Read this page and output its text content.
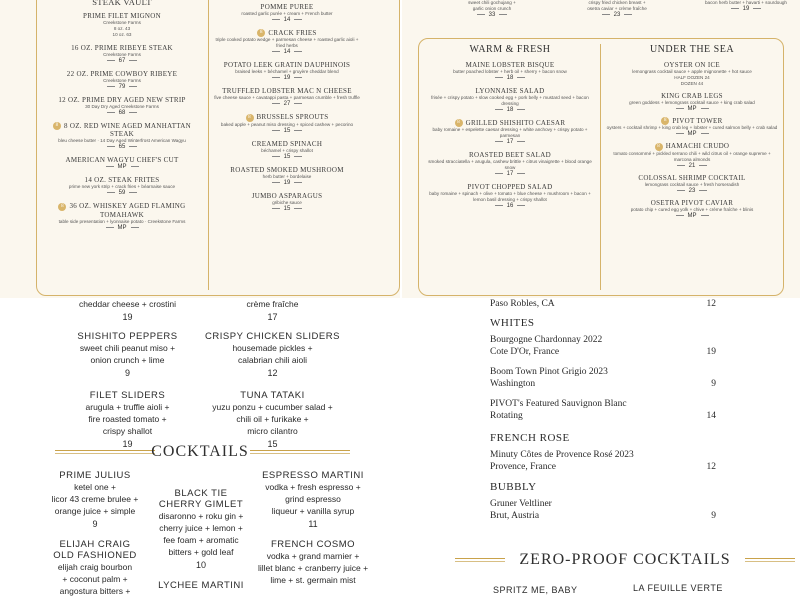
STEAK VAULT
PRIME FILET MIGNON
Creekstone Farms
8 oz. 43
10 oz. 63
16 OZ. PRIME RIBEYE STEAK
Creekstone Farms
67
22 OZ. PRIME COWBOY RIBEYE
Creekstone Farms
79
12 OZ. PRIME DRY AGED NEW STRIP
30 Day Dry Aged Creekstone Farms
68
8 8 OZ. RED WINE AGED MANHATTAN STEAK
bleu cheese butter · 14 Day Aged Winterfrost American Wagyu
65
AMERICAN WAGYU CHEF'S CUT
MP
14 OZ. STEAK FRITES
prime new york strip + crack fries + béarnaise sauce
59
8 36 OZ. WHISKEY AGED FLAMING TOMAHAWK
table side presentation + lyonnaise potato · Creekstone Farms
MP
POMME PUREE
roasted garlic purée + cream + French butter
14
8 CRACK FRIES
triple cooked potato wedge + parmesan cheese + roasted garlic aioli + fried herbs
14
POTATO LEEK GRATIN DAUPHINOIS
braised leeks + béchamel + gruyère cheddar blend
19
TRUFFLED LOBSTER MAC N CHEESE
five cheese sauce + cavatappi pasta + parmesan crumble + fresh truffle
27
8 BRUSSELS SPROUTS
baked apple + peanut miso dressing + spiced cashew + pecorino
15
CREAMED SPINACH
béchamel + crispy shallot
15
ROASTED SMOKED MUSHROOM
herb butter + bordelaise
19
JUMBO ASPARAGUS
gribiche sauce
15
sweet chili gochujang +
garlic onion crunch
33
crispy fried chicken breast +
osetra caviar + crème fraîche
23
bacon herb butter + havarti + sourdough
19
WARM & FRESH
MAINE LOBSTER BISQUE
butter poached lobster + herb oil + sherry + bacon snow
18
LYONNAISE SALAD
frisée + crispy potato + slow cooked egg + pork belly + mustard seed + bacon dressing
18
8 GRILLED SHISHITO CAESAR
baby romaine + espelette caesar dressing + white anchovy + crispy potato + parmesan
17
ROASTED BEET SALAD
smoked stracciatella + arugula, cashew brittle + citrus vinaigrette + blood orange snow
17
PIVOT CHOPPED SALAD
baby romaine + spinach + olive + tomato + blue cheese + mushroom + bacon + lemon basil dressing + crispy shallot
16
UNDER THE SEA
OYSTER ON ICE
lemongrass cocktail sauce + apple mignonette + hot sauce
HALF DOZEN 24
DOZEN 44
KING CRAB LEGS
green goddess + lemongrass cocktail sauce + king crab salad
MP
8 PIVOT TOWER
oysters + cocktail shrimp + king crab leg + lobster + cured salmon belly + crab salad
MP
8 HAMACHI CRUDO
tomato consommé + pickled serrano chili + wild citrus oil + orange supreme + marcona almonds
21
COLOSSAL SHRIMP COCKTAIL
lemongrass cocktail sauce + fresh horseradish
23
OSETRA PIVOT CAVIAR
potato chip + cured egg yolk + chive + crème fraîche + blinis
MP
cheddar cheese + crostini
19
crème fraîche
17
SHISHITO PEPPERS
sweet chili peanut miso +
onion crunch + lime
9
FILET SLIDERS
arugula + truffle aioli +
fire roasted tomato +
crispy shallot
19
CRISPY CHICKEN SLIDERS
housemade pickles +
calabrian chili aioli
12
TUNA TATAKI
yuzu ponzu + cucumber salad +
chili oil + furikake +
micro cilantro
15
COCKTAILS
PRIME JULIUS
ketel one +
licor 43 creme brulee +
orange juice + simple
9
ELIJAH CRAIG
OLD FASHIONED
elijah craig bourbon
+ coconut palm +
angostura bitters +
BLACK TIE
CHERRY GIMLET
disaronno + roku gin +
cherry juice + lemon +
fee foam + aromatic
bitters + gold leaf
10
LYCHEE MARTINI
ESPRESSO MARTINI
vodka + fresh espresso +
grind espresso
liqueur + vanilla syrup
11
FRENCH COSMO
vodka + grand marnier +
lillet blanc + cranberry juice +
lime + st. germain mist
Paso Robles, CA	12
WHITES
Bourgogne Chardonnay 2022
Cote D'Or, France	19
Boom Town Pinot Grigio 2023
Washington	9
PIVOT's Featured Sauvignon Blanc
Rotating	14
FRENCH ROSE
Minuty Côtes de Provence Rosé 2023
Provence, France	12
BUBBLY
Gruner Veltliner
Brut, Austria	9
ZERO-PROOF COCKTAILS
SPRITZ ME, BABY	LA FEUILLE VERTE
